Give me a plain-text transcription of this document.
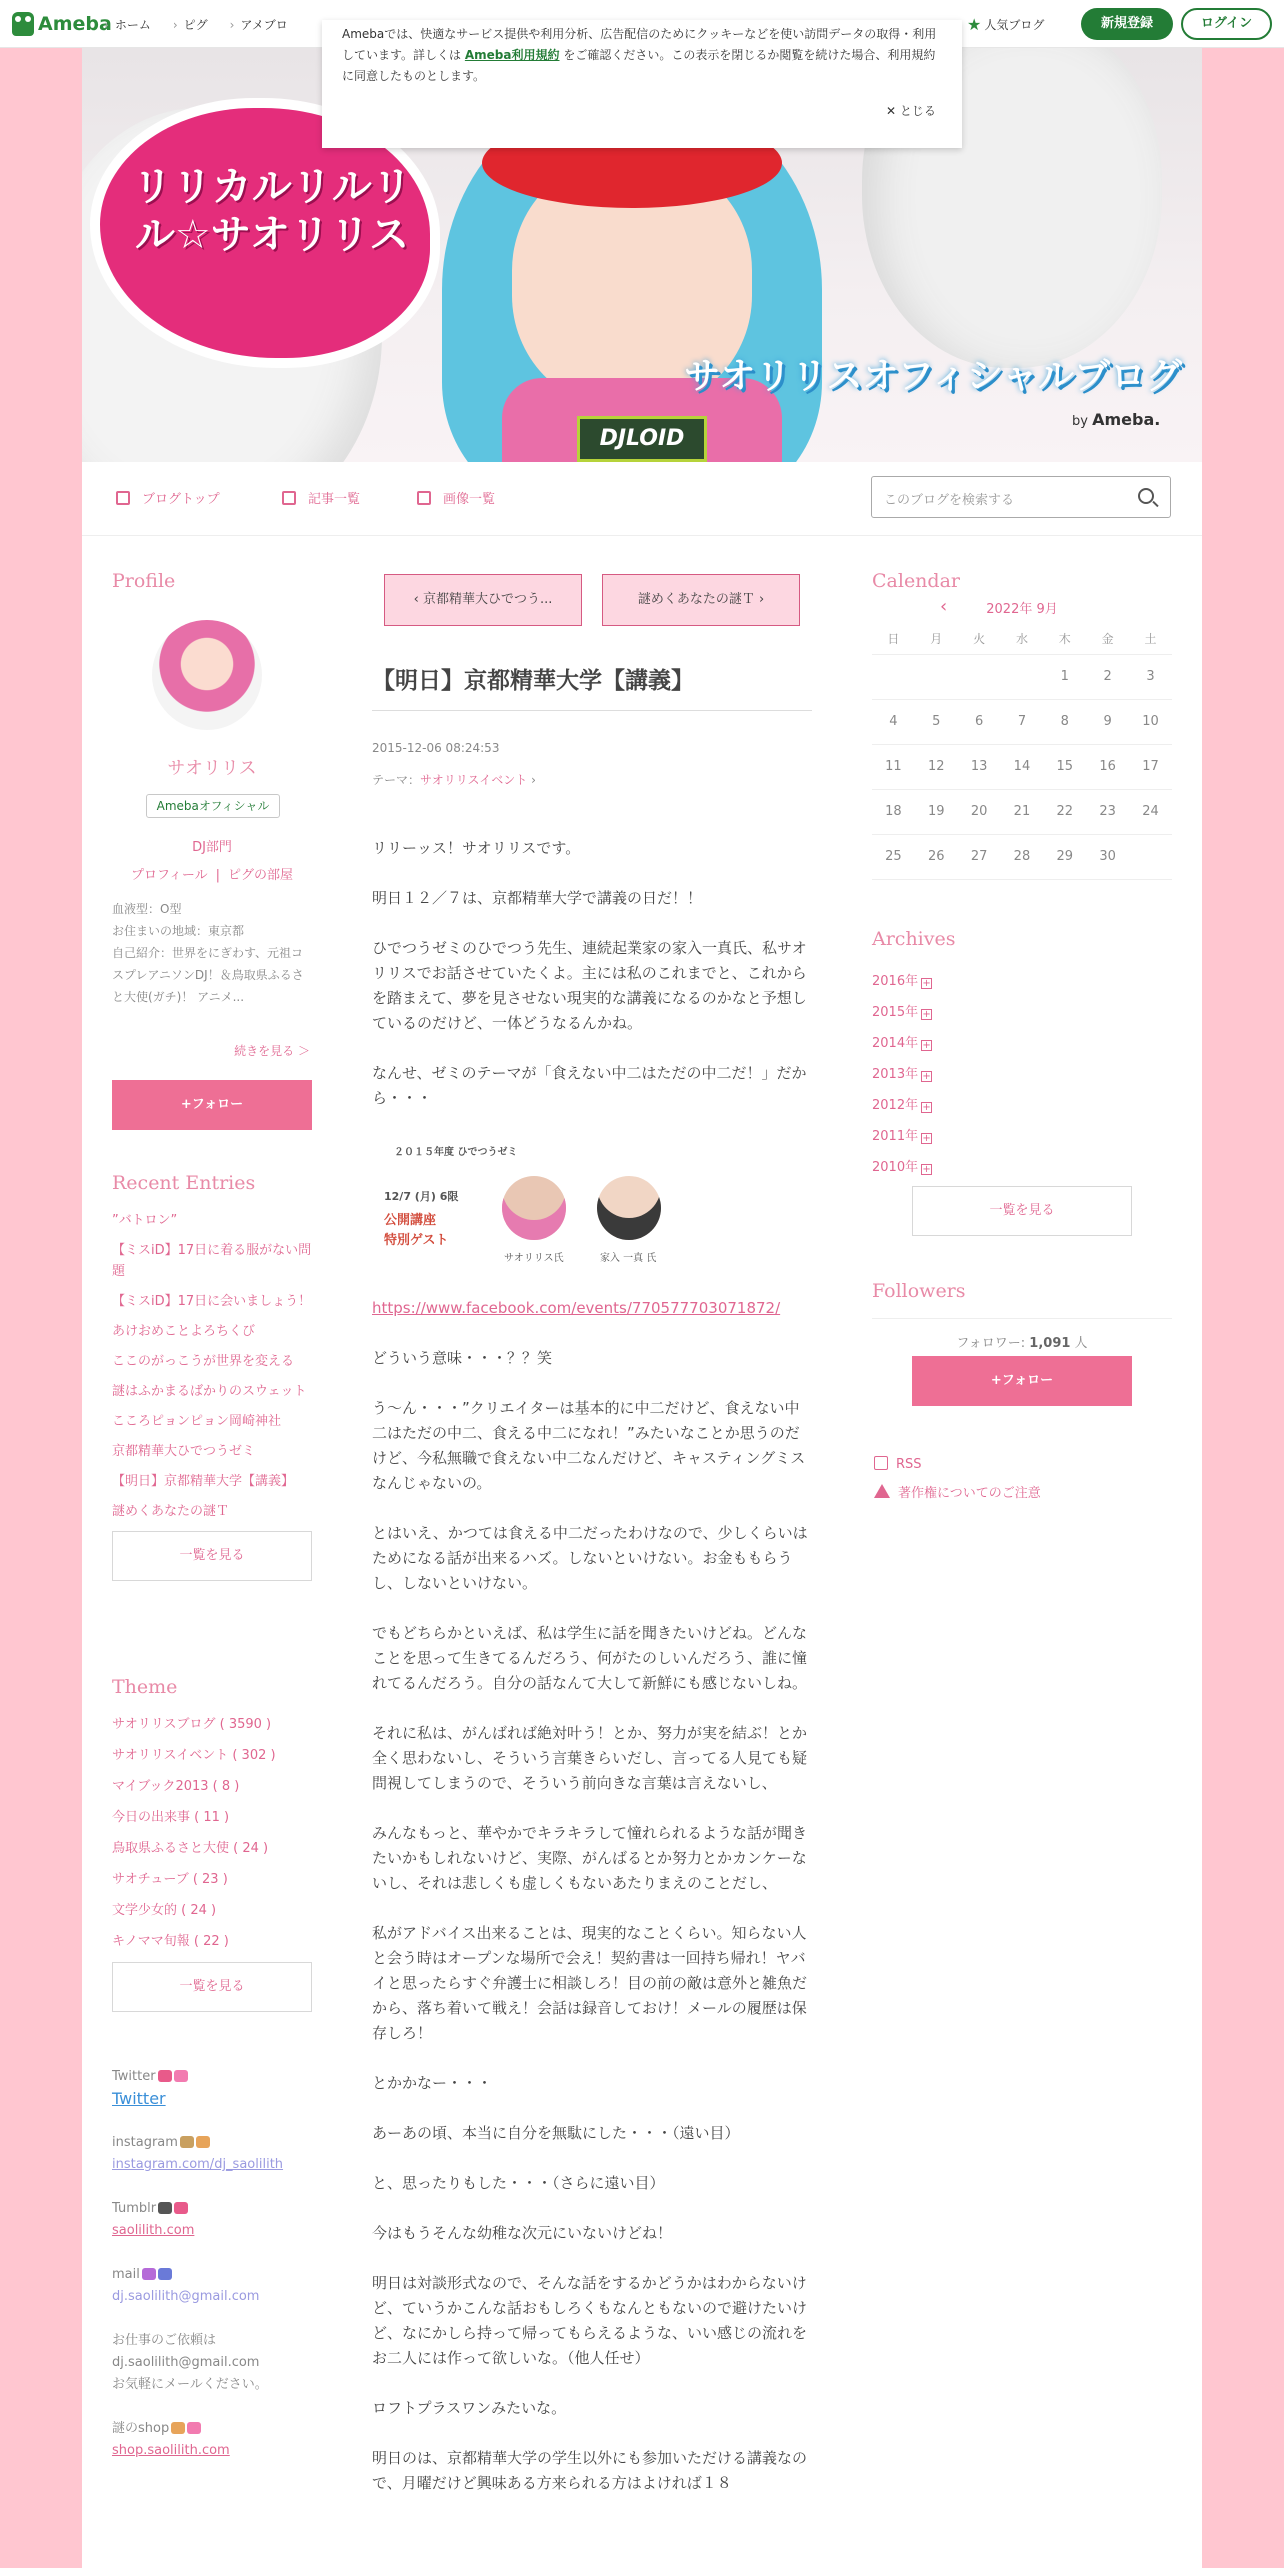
Ameba › ホーム	› ピグ	› アメブロ	★ 人気ブログ	新規登録	ログイン
DJLOID
リリカルリルリル☆サオリリス
サオリリスオフィシャルブログ
by Ameba.
Amebaでは、快適なサービス提供や利用分析、広告配信のためにクッキーなどを使い訪問データの取得・利用しています。詳しくは Ameba利用規約 をご確認ください。この表示を閉じるか閲覧を続けた場合、利用規約に同意したものとします。
✕ とじる
ブログトップ	記事一覧	画像一覧	このブログを検索する
Profile
サオリリス
Amebaオフィシャル
DJ部門
プロフィール | ピグの部屋
血液型：O型
お住まいの地域：東京都
自己紹介：世界をにぎわす、元祖コスプレアニソンDJ！＆鳥取県ふるさと大使(ガチ)！ アニメ...
続きを見る ＞
+フォロー
Recent Entries
”バトロン”
【ミスiD】17日に着る服がない問題
【ミスiD】17日に会いましょう！
あけおめことよろちくび
ここのがっこうが世界を変える
謎はふかまるばかりのスウェット
こころピョンピョン岡崎神社
京都精華大ひでつうゼミ
【明日】京都精華大学【講義】
謎めくあなたの謎Ｔ
一覧を見る
Theme
サオリリスブログ ( 3590 )
サオリリスイベント ( 302 )
マイブック2013 ( 8 )
今日の出来事 ( 11 )
鳥取県ふるさと大使 ( 24 )
サオチューブ ( 23 )
文学少女的 ( 24 )
キノママ旬報 ( 22 )
一覧を見る
Twitter
Twitter
instagram
instagram.com/dj_saolilith
Tumblr
saolilith.com
mail
dj.saolilith@gmail.com
お仕事のご依頼は
dj.saolilith@gmail.com
お気軽にメールください。
謎のshop
shop.saolilith.com
‹ 京都精華大ひでつう...	謎めくあなたの謎Ｔ ›
【明日】京都精華大学【講義】
2015-12-06 08:24:53
テーマ：サオリリスイベント ›

リリーッス！サオリリスです。

明日１２／７は、京都精華大学で講義の日だ！！

ひでつうゼミのひでつう先生、連続起業家の家入一真氏、私サオリリスでお話させていたくよ。主には私のこれまでと、これからを踏まえて、夢を見させない現実的な講義になるのかなと予想しているのだけど、一体どうなるんかね。

なんせ、ゼミのテーマが「食えない中二はただの中二だ！」だから・・・

２０１５年度 ひでつうゼミ
12/7 (月) 6限
公開講座
特別ゲスト
サオリリス氏	家入 一真 氏

https://www.facebook.com/events/770577703071872/

どういう意味・・・？？笑

う～ん・・・”クリエイターは基本的に中二だけど、食えない中二はただの中二、食える中二になれ！”みたいなことか思うのだけど、今私無職で食えない中二なんだけど、キャスティングミスなんじゃないの。

とはいえ、かつては食える中二だったわけなので、少しくらいはためになる話が出来るハズ。しないといけない。お金ももらうし、しないといけない。

でもどちらかといえば、私は学生に話を聞きたいけどね。どんなことを思って生きてるんだろう、何がたのしいんだろう、誰に憧れてるんだろう。自分の話なんて大して新鮮にも感じないしね。

それに私は、がんばれば絶対叶う！とか、努力が実を結ぶ！とか全く思わないし、そういう言葉きらいだし、言ってる人見ても疑問視してしまうので、そういう前向きな言葉は言えないし、

みんなもっと、華やかでキラキラして憧れられるような話が聞きたいかもしれないけど、実際、がんばるとか努力とかカンケーないし、それは悲しくも虚しくもないあたりまえのことだし、

私がアドバイス出来ることは、現実的なことくらい。知らない人と会う時はオープンな場所で会え！契約書は一回持ち帰れ！ヤバイと思ったらすぐ弁護士に相談しろ！目の前の敵は意外と雑魚だから、落ち着いて戦え！会話は録音しておけ！メールの履歴は保存しろ！

とかかなー・・・

あーあの頃、本当に自分を無駄にした・・・（遠い目）

と、思ったりもした・・・（さらに遠い目）

今はもうそんな幼稚な次元にいないけどね！

明日は対談形式なので、そんな話をするかどうかはわからないけど、ていうかこんな話おもしろくもなんともないので避けたいけど、なにかしら持って帰ってもらえるような、いい感じの流れをお二人には作って欲しいな。（他人任せ）

ロフトプラスワンみたいな。

明日のは、京都精華大学の学生以外にも参加いただける講義なので、月曜だけど興味ある方来られる方はよければ１８

Calendar
‹	2022年 9月
日	月	火	水	木	金	土
				1	2	3
4	5	6	7	8	9	10
11	12	13	14	15	16	17
18	19	20	21	22	23	24
25	26	27	28	29	30	
Archives
2016年 +
2015年 +
2014年 +
2013年 +
2012年 +
2011年 +
2010年 +
一覧を見る
Followers
フォロワー: 1,091 人
+フォロー
RSS
著作権についてのご注意
